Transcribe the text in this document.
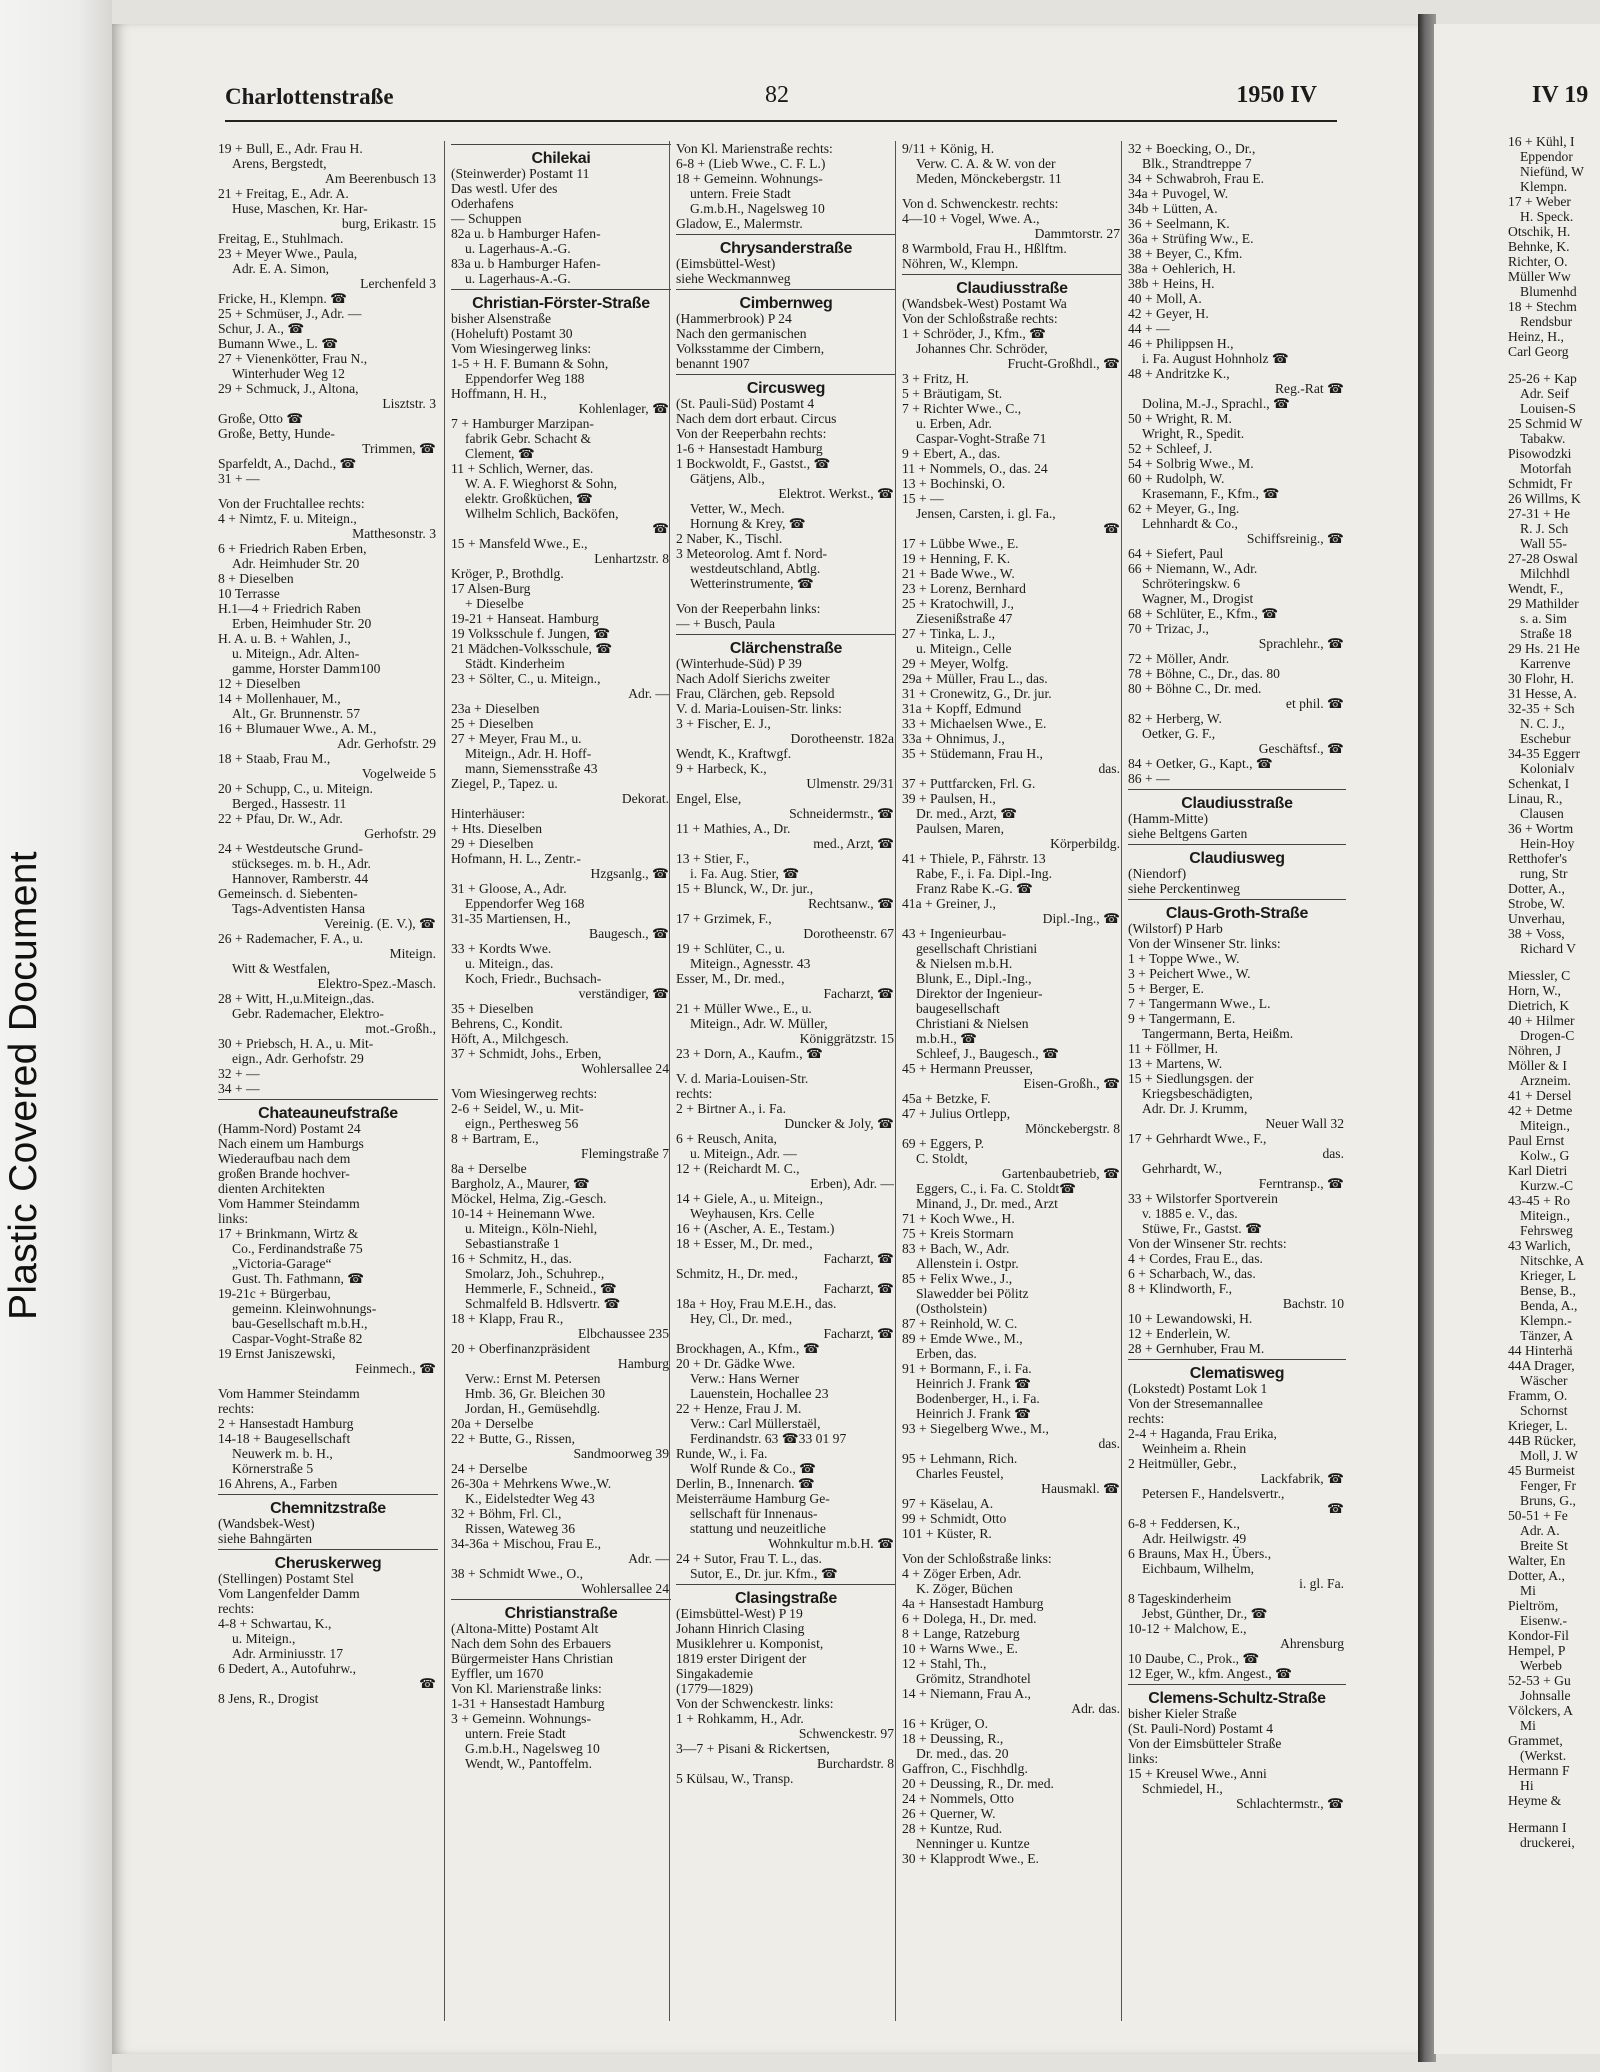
Plastic Covered Document
Charlottenstraße	82	1950 IV	IV 19
19 + Bull, E., Adr. Frau H.
Arens, Bergstedt,
Am Beerenbusch 13
21 + Freitag, E., Adr. A.
Huse, Maschen, Kr. Har-
burg, Erikastr. 15
Freitag, E., Stuhlmach.
23 + Meyer Wwe., Paula,
Adr. E. A. Simon,
Lerchenfeld 3
Fricke, H., Klempn. ☎
25 + Schmüser, J., Adr. —
Schur, J. A., ☎
Bumann Wwe., L. ☎
27 + Vienenkötter, Frau N.,
Winterhuder Weg 12
29 + Schmuck, J., Altona,
Lisztstr. 3
Große, Otto ☎
Große, Betty, Hunde-
Trimmen, ☎
Sparfeldt, A., Dachd., ☎
31 + —
Von der Fruchtallee rechts:
4 + Nimtz, F. u. Miteign.,
Matthesonstr. 3
6 + Friedrich Raben Erben,
Adr. Heimhuder Str. 20
8 + Dieselben
10 Terrasse
H.1—4 + Friedrich Raben
Erben, Heimhuder Str. 20
H. A. u. B. + Wahlen, J.,
u. Miteign., Adr. Alten-
gamme, Horster Damm100
12 + Dieselben
14 + Mollenhauer, M.,
Alt., Gr. Brunnenstr. 57
16 + Blumauer Wwe., A. M.,
Adr. Gerhofstr. 29
18 + Staab, Frau M.,
Vogelweide 5
20 + Schupp, C., u. Miteign.
Berged., Hassestr. 11
22 + Pfau, Dr. W., Adr.
Gerhofstr. 29
24 + Westdeutsche Grund-
stückseges. m. b. H., Adr.
Hannover, Ramberstr. 44
Gemeinsch. d. Siebenten-
Tags-Adventisten Hansa
Vereinig. (E. V.), ☎
26 + Rademacher, F. A., u.
Miteign.
Witt & Westfalen,
Elektro-Spez.-Masch.
28 + Witt, H.,u.Miteign.,das.
Gebr. Rademacher, Elektro-
mot.-Großh.,
30 + Priebsch, H. A., u. Mit-
eign., Adr. Gerhofstr. 29
32 + —
34 + —
Chateauneufstraße
(Hamm-Nord) Postamt 24
Nach einem um Hamburgs
Wiederaufbau nach dem
großen Brande hochver-
dienten Architekten
Vom Hammer Steindamm
links:
17 + Brinkmann, Wirtz &
Co., Ferdinandstraße 75
„Victoria-Garage“
Gust. Th. Fathmann, ☎
19-21c + Bürgerbau,
gemeinn. Kleinwohnungs-
bau-Gesellschaft m.b.H.,
Caspar-Voght-Straße 82
19 Ernst Janiszewski,
Feinmech., ☎
Vom Hammer Steindamm
rechts:
2 + Hansestadt Hamburg
14-18 + Baugesellschaft
Neuwerk m. b. H.,
Körnerstraße 5
16 Ahrens, A., Farben
Chemnitzstraße
(Wandsbek-West)
siehe Bahngärten
Cheruskerweg
(Stellingen) Postamt Stel
Vom Langenfelder Damm
rechts:
4-8 + Schwartau, K.,
u. Miteign.,
Adr. Arminiusstr. 17
6 Dedert, A., Autofuhrw.,
☎
8 Jens, R., Drogist
Chilekai
(Steinwerder) Postamt 11
Das westl. Ufer des
Oderhafens
— Schuppen
82a u. b Hamburger Hafen-
u. Lagerhaus-A.-G.
83a u. b Hamburger Hafen-
u. Lagerhaus-A.-G.
Christian-Förster-Straße
bisher Alsenstraße
(Hoheluft) Postamt 30
Vom Wiesingerweg links:
1-5 + H. F. Bumann & Sohn,
Eppendorfer Weg 188
Hoffmann, H. H.,
Kohlenlager, ☎
7 + Hamburger Marzipan-
fabrik Gebr. Schacht &
Clement, ☎
11 + Schlich, Werner, das.
W. A. F. Wieghorst & Sohn,
elektr. Großküchen, ☎
Wilhelm Schlich, Backöfen,
☎
15 + Mansfeld Wwe., E.,
Lenhartzstr. 8
Kröger, P., Brothdlg.
17 Alsen-Burg
+ Dieselbe
19-21 + Hanseat. Hamburg
19 Volksschule f. Jungen, ☎
21 Mädchen-Volksschule, ☎
Städt. Kinderheim
23 + Sölter, C., u. Miteign.,
Adr. —
23a + Dieselben
25 + Dieselben
27 + Meyer, Frau M., u.
Miteign., Adr. H. Hoff-
mann, Siemensstraße 43
Ziegel, P., Tapez. u.
Dekorat.
Hinterhäuser:
+ Hts. Dieselben
29 + Dieselben
Hofmann, H. L., Zentr.-
Hzgsanlg., ☎
31 + Gloose, A., Adr.
Eppendorfer Weg 168
31-35 Martiensen, H.,
Baugesch., ☎
33 + Kordts Wwe.
u. Miteign., das.
Koch, Friedr., Buchsach-
verständiger, ☎
35 + Dieselben
Behrens, C., Kondit.
Höft, A., Milchgesch.
37 + Schmidt, Johs., Erben,
Wohlersallee 24
Vom Wiesingerweg rechts:
2-6 + Seidel, W., u. Mit-
eign., Perthesweg 56
8 + Bartram, E.,
Flemingstraße 7
8a + Derselbe
Bargholz, A., Maurer, ☎
Möckel, Helma, Zig.-Gesch.
10-14 + Heinemann Wwe.
u. Miteign., Köln-Niehl,
Sebastianstraße 1
16 + Schmitz, H., das.
Smolarz, Joh., Schuhrep.,
Hemmerle, F., Schneid., ☎
Schmalfeld B. Hdlsvertr. ☎
18 + Klapp, Frau R.,
Elbchaussee 235
20 + Oberfinanzpräsident
Hamburg
Verw.: Ernst M. Petersen
Hmb. 36, Gr. Bleichen 30
Jordan, H., Gemüsehdlg.
20a + Derselbe
22 + Butte, G., Rissen,
Sandmoorweg 39
24 + Derselbe
26-30a + Mehrkens Wwe.,W.
K., Eidelstedter Weg 43
32 + Böhm, Frl. Cl.,
Rissen, Wateweg 36
34-36a + Mischou, Frau E.,
Adr. —
38 + Schmidt Wwe., O.,
Wohlersallee 24
Christianstraße
(Altona-Mitte) Postamt Alt
Nach dem Sohn des Erbauers
Bürgermeister Hans Christian
Eyffler, um 1670
Von Kl. Marienstraße links:
1-31 + Hansestadt Hamburg
3 + Gemeinn. Wohnungs-
untern. Freie Stadt
G.m.b.H., Nagelsweg 10
Wendt, W., Pantoffelm.
Von Kl. Marienstraße rechts:
6-8 + (Lieb Wwe., C. F. L.)
18 + Gemeinn. Wohnungs-
untern. Freie Stadt
G.m.b.H., Nagelsweg 10
Gladow, E., Malermstr.
Chrysanderstraße
(Eimsbüttel-West)
siehe Weckmannweg
Cimbernweg
(Hammerbrook) P 24
Nach den germanischen
Volksstamme der Cimbern,
benannt 1907
Circusweg
(St. Pauli-Süd) Postamt 4
Nach dem dort erbaut. Circus
Von der Reeperbahn rechts:
1-6 + Hansestadt Hamburg
1 Bockwoldt, F., Gastst., ☎
Gätjens, Alb.,
Elektrot. Werkst., ☎
Vetter, W., Mech.
Hornung & Krey, ☎
2 Naber, K., Tischl.
3 Meteorolog. Amt f. Nord-
westdeutschland, Abtlg.
Wetterinstrumente, ☎
Von der Reeperbahn links:
— + Busch, Paula
Clärchenstraße
(Winterhude-Süd) P 39
Nach Adolf Sierichs zweiter
Frau, Clärchen, geb. Repsold
V. d. Maria-Louisen-Str. links:
3 + Fischer, E. J.,
Dorotheenstr. 182a
Wendt, K., Kraftwgf.
9 + Harbeck, K.,
Ulmenstr. 29/31
Engel, Else,
Schneidermstr., ☎
11 + Mathies, A., Dr.
med., Arzt, ☎
13 + Stier, F.,
i. Fa. Aug. Stier, ☎
15 + Blunck, W., Dr. jur.,
Rechtsanw., ☎
17 + Grzimek, F.,
Dorotheenstr. 67
19 + Schlüter, C., u.
Miteign., Agnesstr. 43
Esser, M., Dr. med.,
Facharzt, ☎
21 + Müller Wwe., E., u.
Miteign., Adr. W. Müller,
Königgrätzstr. 15
23 + Dorn, A., Kaufm., ☎
V. d. Maria-Louisen-Str.
rechts:
2 + Birtner A., i. Fa.
Duncker & Joly, ☎
6 + Reusch, Anita,
u. Miteign., Adr. —
12 + (Reichardt M. C.,
Erben), Adr. —
14 + Giele, A., u. Miteign.,
Weyhausen, Krs. Celle
16 + (Ascher, A. E., Testam.)
18 + Esser, M., Dr. med.,
Facharzt, ☎
Schmitz, H., Dr. med.,
Facharzt, ☎
18a + Hoy, Frau M.E.H., das.
Hey, Cl., Dr. med.,
Facharzt, ☎
Brockhagen, A., Kfm., ☎
20 + Dr. Gädke Wwe.
Verw.: Hans Werner
Lauenstein, Hochallee 23
22 + Henze, Frau J. M.
Verw.: Carl Müllerstaël,
Ferdinandstr. 63 ☎33 01 97
Runde, W., i. Fa.
Wolf Runde & Co., ☎
Derlin, B., Innenarch. ☎
Meisterräume Hamburg Ge-
sellschaft für Innenaus-
stattung und neuzeitliche
Wohnkultur m.b.H. ☎
24 + Sutor, Frau T. L., das.
Sutor, E., Dr. jur. Kfm., ☎
Clasingstraße
(Eimsbüttel-West) P 19
Johann Hinrich Clasing
Musiklehrer u. Komponist,
1819 erster Dirigent der
Singakademie
(1779—1829)
Von der Schwenckestr. links:
1 + Rohkamm, H., Adr.
Schwenckestr. 97
3—7 + Pisani & Rickertsen,
Burchardstr. 8
5 Külsau, W., Transp.
9/11 + König, H.
Verw. C. A. & W. von der
Meden, Mönckebergstr. 11
Von d. Schwenckestr. rechts:
4—10 + Vogel, Wwe. A.,
Dammtorstr. 27
8 Warmbold, Frau H., Hßlftm.
Nöhren, W., Klempn.
Claudiusstraße
(Wandsbek-West) Postamt Wa
Von der Schloßstraße rechts:
1 + Schröder, J., Kfm., ☎
Johannes Chr. Schröder,
Frucht-Großhdl., ☎
3 + Fritz, H.
5 + Bräutigam, St.
7 + Richter Wwe., C.,
u. Erben, Adr.
Caspar-Voght-Straße 71
9 + Ebert, A., das.
11 + Nommels, O., das. 24
13 + Bochinski, O.
15 + —
Jensen, Carsten, i. gl. Fa.,
☎
17 + Lübbe Wwe., E.
19 + Henning, F. K.
21 + Bade Wwe., W.
23 + Lorenz, Bernhard
25 + Kratochwill, J.,
Ziesenißstraße 47
27 + Tinka, L. J.,
u. Miteign., Celle
29 + Meyer, Wolfg.
29a + Müller, Frau L., das.
31 + Cronewitz, G., Dr. jur.
31a + Kopff, Edmund
33 + Michaelsen Wwe., E.
33a + Ohnimus, J.,
35 + Stüdemann, Frau H.,
das.
37 + Puttfarcken, Frl. G.
39 + Paulsen, H.,
Dr. med., Arzt, ☎
Paulsen, Maren,
Körperbildg.
41 + Thiele, P., Fährstr. 13
Rabe, F., i. Fa. Dipl.-Ing.
Franz Rabe K.-G. ☎
41a + Greiner, J.,
Dipl.-Ing., ☎
43 + Ingenieurbau-
gesellschaft Christiani
& Nielsen m.b.H.
Blunk, E., Dipl.-Ing.,
Direktor der Ingenieur-
baugesellschaft
Christiani & Nielsen
m.b.H., ☎
Schleef, J., Baugesch., ☎
45 + Hermann Preusser,
Eisen-Großh., ☎
45a + Betzke, F.
47 + Julius Ortlepp,
Mönckebergstr. 8
69 + Eggers, P.
C. Stoldt,
Gartenbaubetrieb, ☎
Eggers, C., i. Fa. C. Stoldt☎
Minand, J., Dr. med., Arzt
71 + Koch Wwe., H.
75 + Kreis Stormarn
83 + Bach, W., Adr.
Allenstein i. Ostpr.
85 + Felix Wwe., J.,
Slawedder bei Pölitz
(Ostholstein)
87 + Reinhold, W. C.
89 + Emde Wwe., M.,
Erben, das.
91 + Bormann, F., i. Fa.
Heinrich J. Frank ☎
Bodenberger, H., i. Fa.
Heinrich J. Frank ☎
93 + Siegelberg Wwe., M.,
das.
95 + Lehmann, Rich.
Charles Feustel,
Hausmakl. ☎
97 + Käselau, A.
99 + Schmidt, Otto
101 + Küster, R.
Von der Schloßstraße links:
4 + Zöger Erben, Adr.
K. Zöger, Büchen
4a + Hansestadt Hamburg
6 + Dolega, H., Dr. med.
8 + Lange, Ratzeburg
10 + Warns Wwe., E.
12 + Stahl, Th.,
Grömitz, Strandhotel
14 + Niemann, Frau A.,
Adr. das.
16 + Krüger, O.
18 + Deussing, R.,
Dr. med., das. 20
Gaffron, C., Fischhdlg.
20 + Deussing, R., Dr. med.
24 + Nommels, Otto
26 + Querner, W.
28 + Kuntze, Rud.
Nenninger u. Kuntze
30 + Klapprodt Wwe., E.
32 + Boecking, O., Dr.,
Blk., Strandtreppe 7
34 + Schwabroh, Frau E.
34a + Puvogel, W.
34b + Lütten, A.
36 + Seelmann, K.
36a + Strüfing Ww., E.
38 + Beyer, C., Kfm.
38a + Oehlerich, H.
38b + Heins, H.
40 + Moll, A.
42 + Geyer, H.
44 + —
46 + Philippsen H.,
i. Fa. August Hohnholz ☎
48 + Andritzke K.,
Reg.-Rat ☎
Dolina, M.-J., Sprachl., ☎
50 + Wright, R. M.
Wright, R., Spedit.
52 + Schleef, J.
54 + Solbrig Wwe., M.
60 + Rudolph, W.
Krasemann, F., Kfm., ☎
62 + Meyer, G., Ing.
Lehnhardt & Co.,
Schiffsreinig., ☎
64 + Siefert, Paul
66 + Niemann, W., Adr.
Schröteringskw. 6
Wagner, M., Drogist
68 + Schlüter, E., Kfm., ☎
70 + Trizac, J.,
Sprachlehr., ☎
72 + Möller, Andr.
78 + Böhne, C., Dr., das. 80
80 + Böhne C., Dr. med.
et phil. ☎
82 + Herberg, W.
Oetker, G. F.,
Geschäftsf., ☎
84 + Oetker, G., Kapt., ☎
86 + —
Claudiusstraße
(Hamm-Mitte)
siehe Beltgens Garten
Claudiusweg
(Niendorf)
siehe Perckentinweg
Claus-Groth-Straße
(Wilstorf) P Harb
Von der Winsener Str. links:
1 + Toppe Wwe., W.
3 + Peichert Wwe., W.
5 + Berger, E.
7 + Tangermann Wwe., L.
9 + Tangermann, E.
Tangermann, Berta, Heißm.
11 + Föllmer, H.
13 + Martens, W.
15 + Siedlungsgen. der
Kriegsbeschädigten,
Adr. Dr. J. Krumm,
Neuer Wall 32
17 + Gehrhardt Wwe., F.,
das.
Gehrhardt, W.,
Ferntransp., ☎
33 + Wilstorfer Sportverein
v. 1885 e. V., das.
Stüwe, Fr., Gastst. ☎
Von der Winsener Str. rechts:
4 + Cordes, Frau E., das.
6 + Scharbach, W., das.
8 + Klindworth, F.,
Bachstr. 10
10 + Lewandowski, H.
12 + Enderlein, W.
28 + Gernhuber, Frau M.
Clematisweg
(Lokstedt) Postamt Lok 1
Von der Stresemannallee
rechts:
2-4 + Haganda, Frau Erika,
Weinheim a. Rhein
2 Heitmüller, Gebr.,
Lackfabrik, ☎
Petersen F., Handelsvertr.,
☎
6-8 + Feddersen, K.,
Adr. Heilwigstr. 49
6 Brauns, Max H., Übers.,
Eichbaum, Wilhelm,
i. gl. Fa.
8 Tageskinderheim
Jebst, Günther, Dr., ☎
10-12 + Malchow, E.,
Ahrensburg
10 Daube, C., Prok., ☎
12 Eger, W., kfm. Angest., ☎
Clemens-Schultz-Straße
bisher Kieler Straße
(St. Pauli-Nord) Postamt 4
Von der Eimsbütteler Straße
links:
15 + Kreusel Wwe., Anni
Schmiedel, H.,
Schlachtermstr., ☎
16 + Kühl, I
Eppendor
Niefünd, W
Klempn.
17 + Weber
H. Speck.
Otschik, H.
Behnke, K.
Richter, O.
Müller Ww
Blumenhd
18 + Stechm
Rendsbur
Heinz, H.,
Carl Georg
25-26 + Kap
Adr. Seif
Louisen-S
25 Schmid W
Tabakw.
Pisowodzki
Motorfah
Schmidt, Fr
26 Willms, K
27-31 + He
R. J. Sch
Wall 55-
27-28 Oswal
Milchhdl
Wendt, F.,
29 Mathilder
s. a. Sim
Straße 18
29 Hs. 21 He
Karrenve
30 Flohr, H.
31 Hesse, A.
32-35 + Sch
N. C. J.,
Eschebur
34-35 Eggerr
Kolonialv
Schenkat, I
Linau, R.,
Clausen
36 + Wortm
Hein-Hoy
Retthofer's
rung, Str
Dotter, A.,
Strobe, W.
Unverhau,
38 + Voss,
Richard V
Miessler, C
Horn, W.,
Dietrich, K
40 + Hilmer
Drogen-C
Nöhren, J
Möller & I
Arzneim.
41 + Dersel
42 + Detme
Miteign.,
Paul Ernst
Kolw., G
Karl Dietri
Kurzw.-C
43-45 + Ro
Miteign.,
Fehrsweg
43 Warlich,
Nitschke, A
Krieger, L
Bense, B.,
Benda, A.,
Klempn.-
Tänzer, A
44 Hinterhä
44A Drager,
Wäscher
Framm, O.
Schornst
Krieger, L.
44B Rücker,
Moll, J. W
45 Burmeist
Fenger, Fr
Bruns, G.,
50-51 + Fe
Adr. A.
Breite St
Walter, En
Dotter, A.,
Mi
Pieltröm,
Eisenw.-
Kondor-Fil
Hempel, P
Werbeb
52-53 + Gu
Johnsalle
Völckers, A
Mi
Grammet,
(Werkst.
Hermann F
Hi
Heyme &
Hermann I
druckerei,
